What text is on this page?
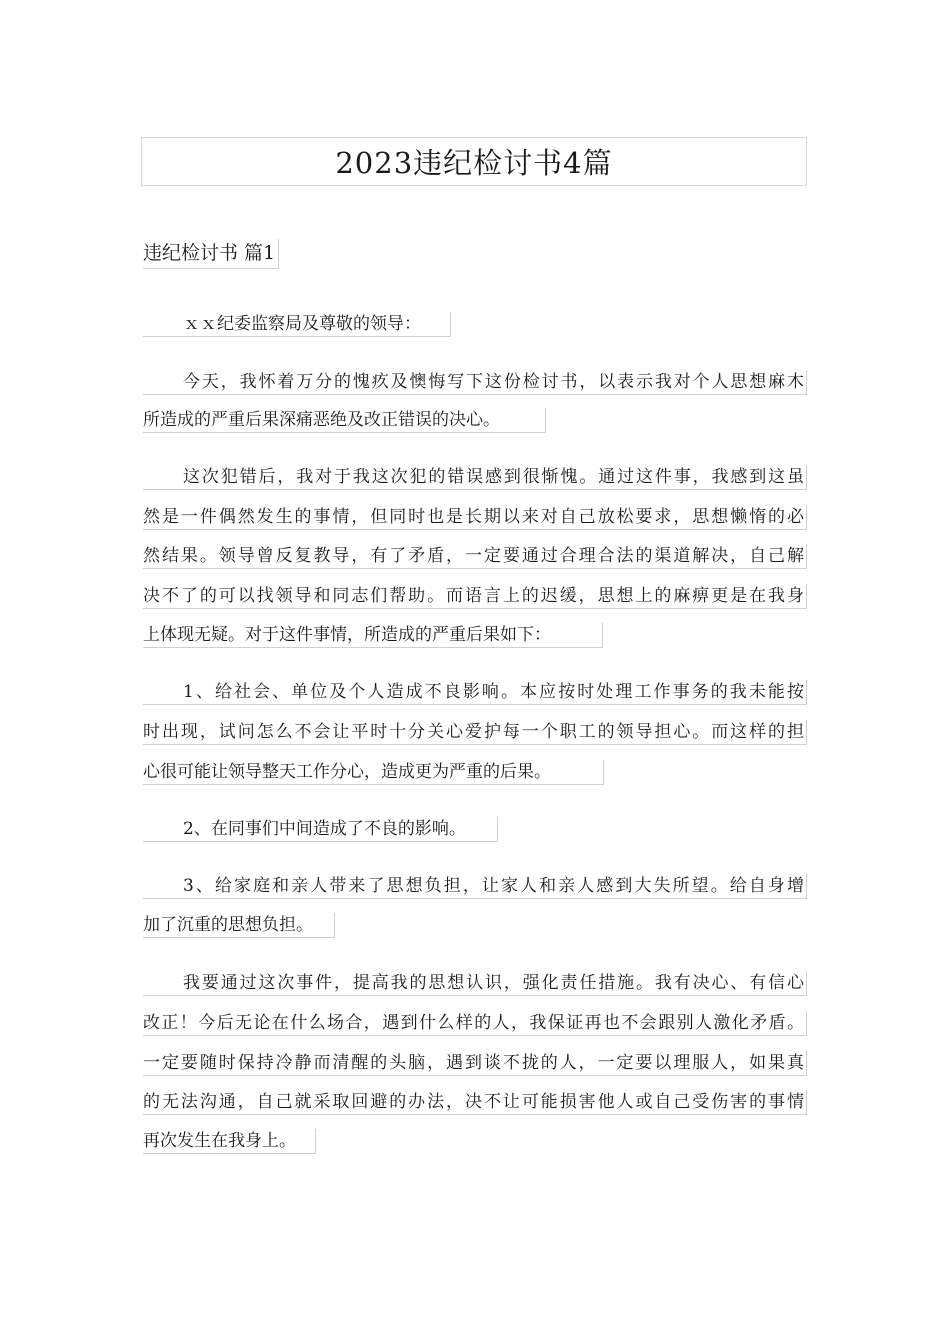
2023违纪检讨书4篇
违纪检讨书 篇1
ｘｘ纪委监察局及尊敬的领导：
今天，我怀着万分的愧疚及懊悔写下这份检讨书，以表示我对个人思想麻木
所造成的严重后果深痛恶绝及改正错误的决心。
这次犯错后，我对于我这次犯的错误感到很惭愧。通过这件事，我感到这虽
然是一件偶然发生的事情，但同时也是长期以来对自己放松要求，思想懒惰的必
然结果。领导曾反复教导，有了矛盾，一定要通过合理合法的渠道解决，自己解
决不了的可以找领导和同志们帮助。而语言上的迟缓，思想上的麻痹更是在我身
上体现无疑。对于这件事情，所造成的严重后果如下：
1、给社会、单位及个人造成不良影响。本应按时处理工作事务的我未能按
时出现，试问怎么不会让平时十分关心爱护每一个职工的领导担心。而这样的担
心很可能让领导整天工作分心，造成更为严重的后果。
2、在同事们中间造成了不良的影响。
3、给家庭和亲人带来了思想负担，让家人和亲人感到大失所望。给自身增
加了沉重的思想负担。
我要通过这次事件，提高我的思想认识，强化责任措施。我有决心、有信心
改正！今后无论在什么场合，遇到什么样的人，我保证再也不会跟别人激化矛盾。
一定要随时保持冷静而清醒的头脑，遇到谈不拢的人，一定要以理服人，如果真
的无法沟通，自己就采取回避的办法，决不让可能损害他人或自己受伤害的事情
再次发生在我身上。
